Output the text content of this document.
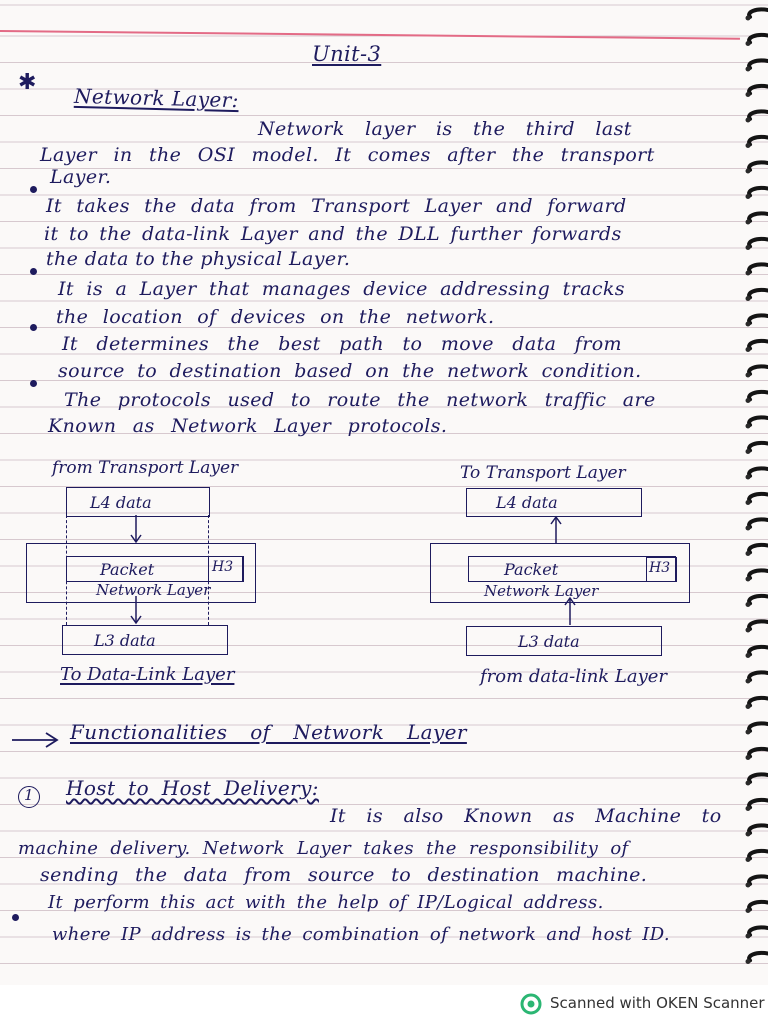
Unit-3
✱
Network Layer:
Network layer is the third last
Layer in the OSI model. It comes after the transport
Layer.
It takes the data from Transport Layer and forward
it to the data-link Layer and the DLL further forwards
the data to the physical Layer.
It is a Layer that manages device addressing tracks
the location of devices on the network.
It determines the best path to move data from
source to destination based on the network condition.
The protocols used to route the network traffic are
Known as Network Layer protocols.
from Transport Layer
L4 data
Packet	H3
Network Layer
L3 data
To Data-Link Layer
To Transport Layer
L4 data
Packet	H3
Network Layer
L3 data
from data-link Layer
Functionalities of Network Layer
1 Host to Host Delivery:
It is also Known as Machine to
machine delivery. Network Layer takes the responsibility of
sending the data from source to destination machine.
It perform this act with the help of IP/Logical address.
where IP address is the combination of network and host ID.
Scanned with OKEN Scanner
